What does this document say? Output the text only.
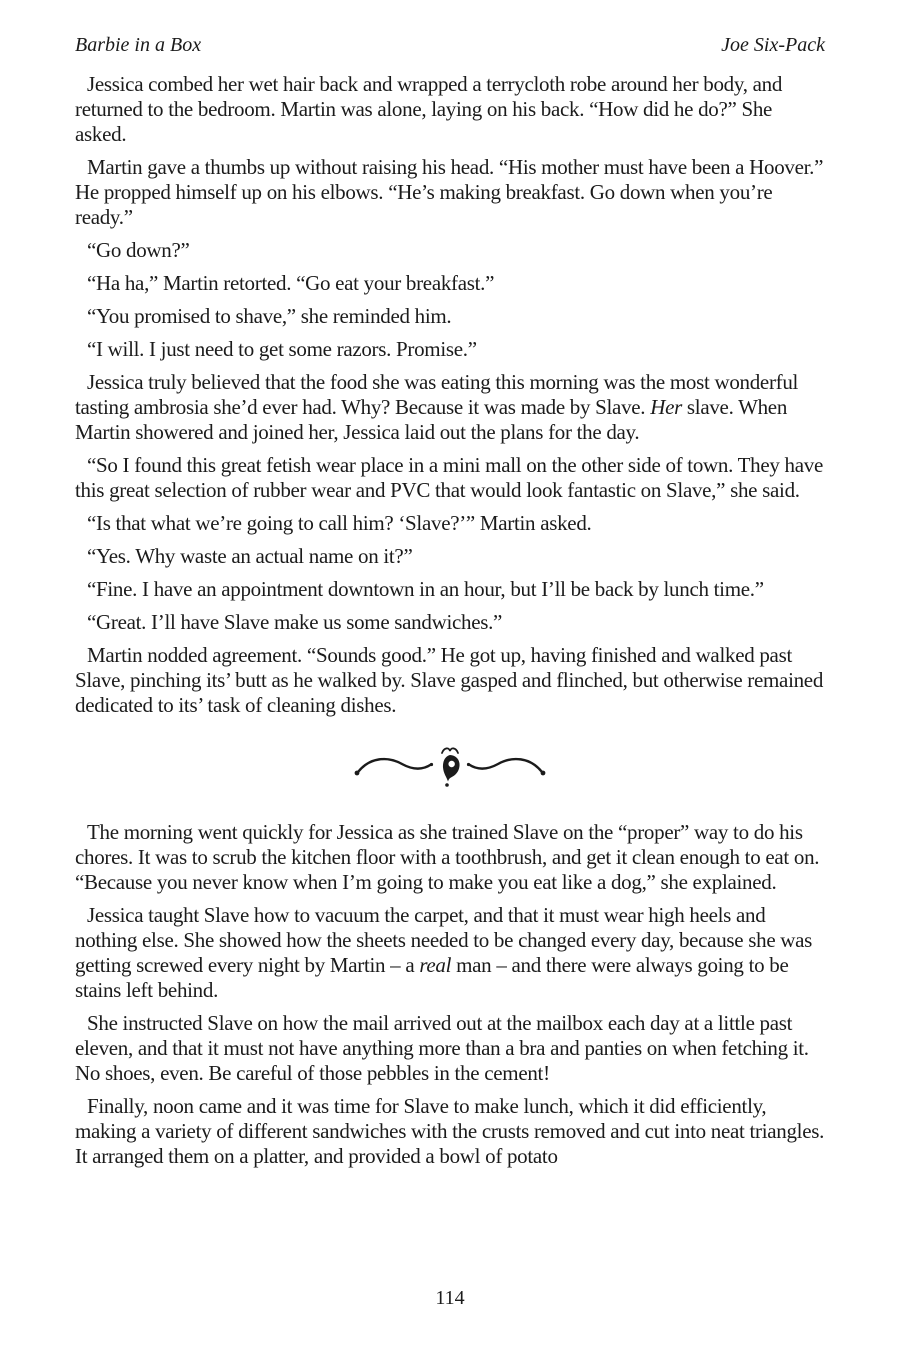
Barbie in a Box	Joe Six-Pack

Jessica combed her wet hair back and wrapped a terrycloth robe around her body, and returned to the bedroom. Martin was alone, laying on his back. “How did he do?” She asked.

Martin gave a thumbs up without raising his head. “His mother must have been a Hoover.” He propped himself up on his elbows. “He’s making breakfast. Go down when you’re ready.”

“Go down?”

“Ha ha,” Martin retorted. “Go eat your breakfast.”

“You promised to shave,” she reminded him.

“I will. I just need to get some razors. Promise.”

Jessica truly believed that the food she was eating this morning was the most wonderful tasting ambrosia she’d ever had. Why? Because it was made by Slave. Her slave. When Martin showered and joined her, Jessica laid out the plans for the day.

“So I found this great fetish wear place in a mini mall on the other side of town. They have this great selection of rubber wear and PVC that would look fantastic on Slave,” she said.

“Is that what we’re going to call him? ‘Slave?’” Martin asked.

“Yes. Why waste an actual name on it?”

“Fine. I have an appointment downtown in an hour, but I’ll be back by lunch time.”

“Great. I’ll have Slave make us some sandwiches.”

Martin nodded agreement. “Sounds good.” He got up, having finished and walked past Slave, pinching its’ butt as he walked by. Slave gasped and flinched, but otherwise remained dedicated to its’ task of cleaning dishes.

The morning went quickly for Jessica as she trained Slave on the “proper” way to do his chores. It was to scrub the kitchen floor with a toothbrush, and get it clean enough to eat on. “Because you never know when I’m going to make you eat like a dog,” she explained.

Jessica taught Slave how to vacuum the carpet, and that it must wear high heels and nothing else. She showed how the sheets needed to be changed every day, because she was getting screwed every night by Martin – a real man – and there were always going to be stains left behind.

She instructed Slave on how the mail arrived out at the mailbox each day at a little past eleven, and that it must not have anything more than a bra and panties on when fetching it. No shoes, even. Be careful of those pebbles in the cement!

Finally, noon came and it was time for Slave to make lunch, which it did efficiently, making a variety of different sandwiches with the crusts removed and cut into neat triangles. It arranged them on a platter, and provided a bowl of potato

114
